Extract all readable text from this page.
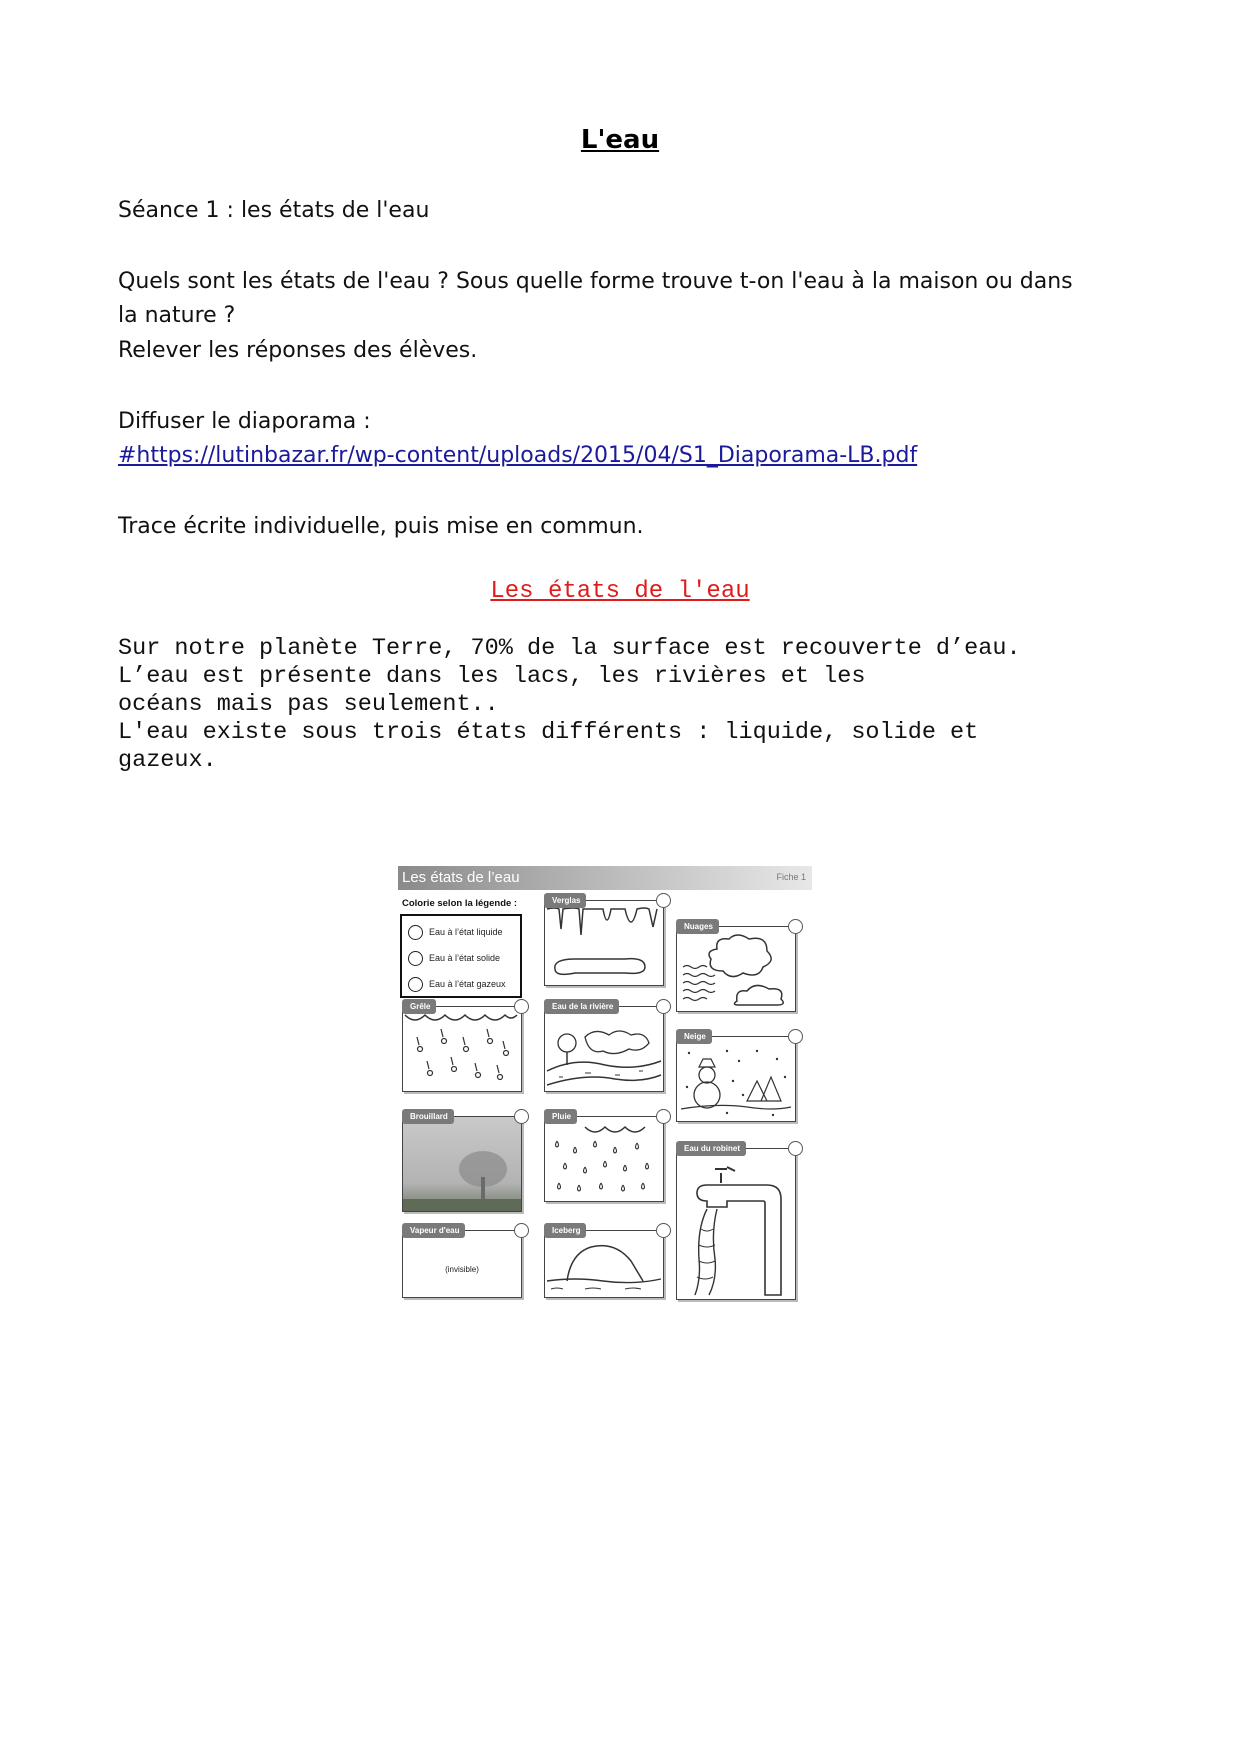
L'eau
Séance 1 : les états de l'eau
Quels sont les états de l'eau ? Sous quelle forme trouve t-on l'eau à la maison ou dans
la nature ?
Relever les réponses des élèves.
Diffuser le diaporama :
#https://lutinbazar.fr/wp-content/uploads/2015/04/S1_Diaporama-LB.pdf
Trace écrite individuelle, puis mise en commun.
Les états de l'eau
Sur notre planète Terre, 70% de la surface est recouverte d’eau.
L’eau est présente dans les lacs, les rivières et les
océans mais pas seulement..
L'eau existe sous trois états différents : liquide, solide et
gazeux.
Les états de l’eau	Fiche 1
Colorie selon la légende :
Eau à l’état liquide
Eau à l’état solide
Eau à l’état gazeux
Verglas
Nuages
Grêle	Eau de la rivière
Neige
Brouillard	Pluie
Eau du robinet
(invisible)
Vapeur d'eau	Iceberg
